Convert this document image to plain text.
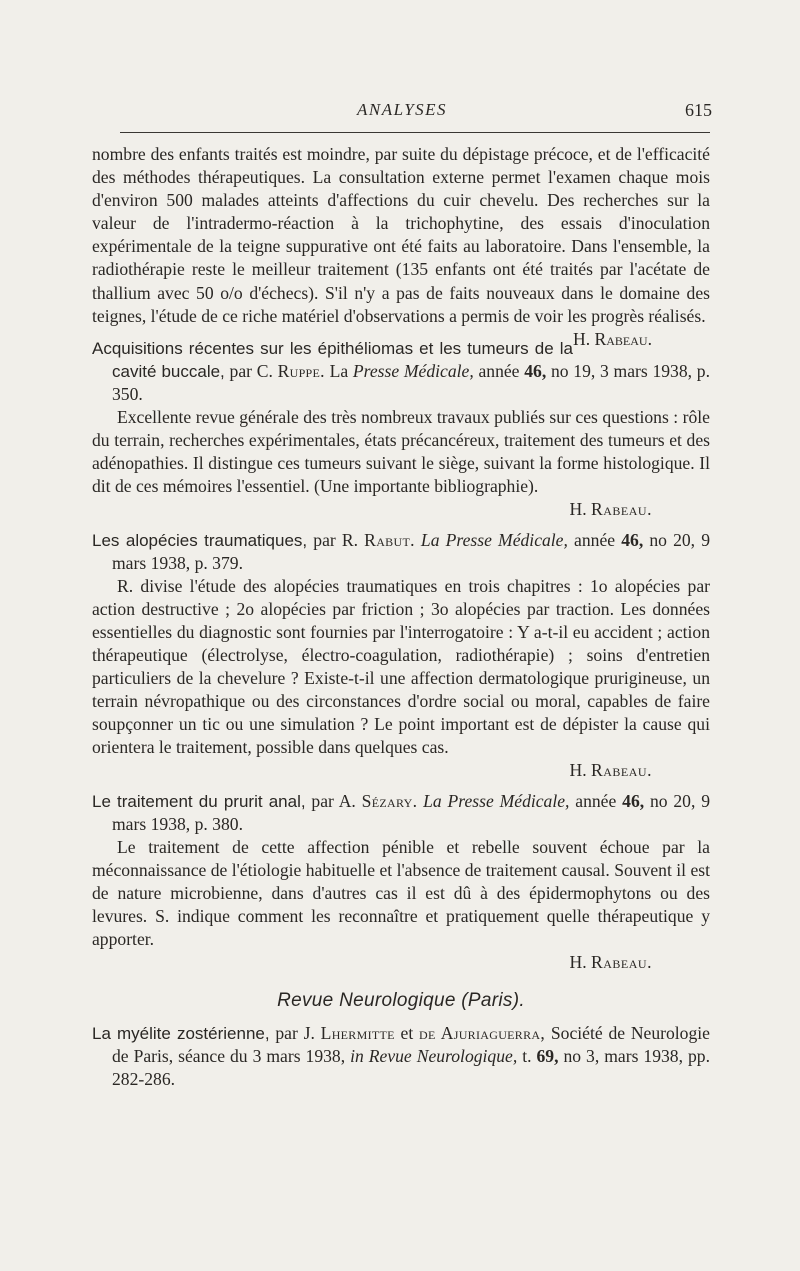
ANALYSES	615

nombre des enfants traités est moindre, par suite du dépistage précoce, et de l'efficacité des méthodes thérapeutiques. La consultation externe permet l'examen chaque mois d'environ 500 malades atteints d'affections du cuir chevelu. Des recherches sur la valeur de l'intradermo-réaction à la trichophytine, des essais d'inoculation expérimentale de la teigne suppurative ont été faits au laboratoire. Dans l'ensemble, la radiothérapie reste le meilleur traitement (135 enfants ont été traités par l'acétate de thallium avec 50 o/o d'échecs). S'il n'y a pas de faits nouveaux dans le domaine des teignes, l'étude de ce riche matériel d'observations a permis de voir les progrès réalisés.
H. Rabeau.

Acquisitions récentes sur les épithéliomas et les tumeurs de la cavité buccale, par C. Ruppe. La Presse Médicale, année 46, no 19, 3 mars 1938, p. 350.

Excellente revue générale des très nombreux travaux publiés sur ces questions : rôle du terrain, recherches expérimentales, états précancéreux, traitement des tumeurs et des adénopathies. Il distingue ces tumeurs suivant le siège, suivant la forme histologique. Il dit de ces mémoires l'essentiel. (Une importante bibliographie).

H. Rabeau.
Les alopécies traumatiques, par R. Rabut. La Presse Médicale, année 46, no 20, 9 mars 1938, p. 379.

R. divise l'étude des alopécies traumatiques en trois chapitres : 1o alopécies par action destructive ; 2o alopécies par friction ; 3o alopécies par traction. Les données essentielles du diagnostic sont fournies par l'interrogatoire : Y a-t-il eu accident ; action thérapeutique (électrolyse, électro-coagulation, radiothérapie) ; soins d'entretien particuliers de la chevelure ? Existe-t-il une affection dermatologique prurigineuse, un terrain névropathique ou des circonstances d'ordre social ou moral, capables de faire soupçonner un tic ou une simulation ? Le point important est de dépister la cause qui orientera le traitement, possible dans quelques cas.

H. Rabeau.
Le traitement du prurit anal, par A. Sézary. La Presse Médicale, année 46, no 20, 9 mars 1938, p. 380.

Le traitement de cette affection pénible et rebelle souvent échoue par la méconnaissance de l'étiologie habituelle et l'absence de traitement causal. Souvent il est de nature microbienne, dans d'autres cas il est dû à des épidermophytons ou des levures. S. indique comment les reconnaître et pratiquement quelle thérapeutique y apporter.

H. Rabeau.
Revue Neurologique (Paris).
La myélite zostérienne, par J. Lhermitte et de Ajuriaguerra, Société de Neurologie de Paris, séance du 3 mars 1938, in Revue Neurologique, t. 69, no 3, mars 1938, pp. 282-286.
